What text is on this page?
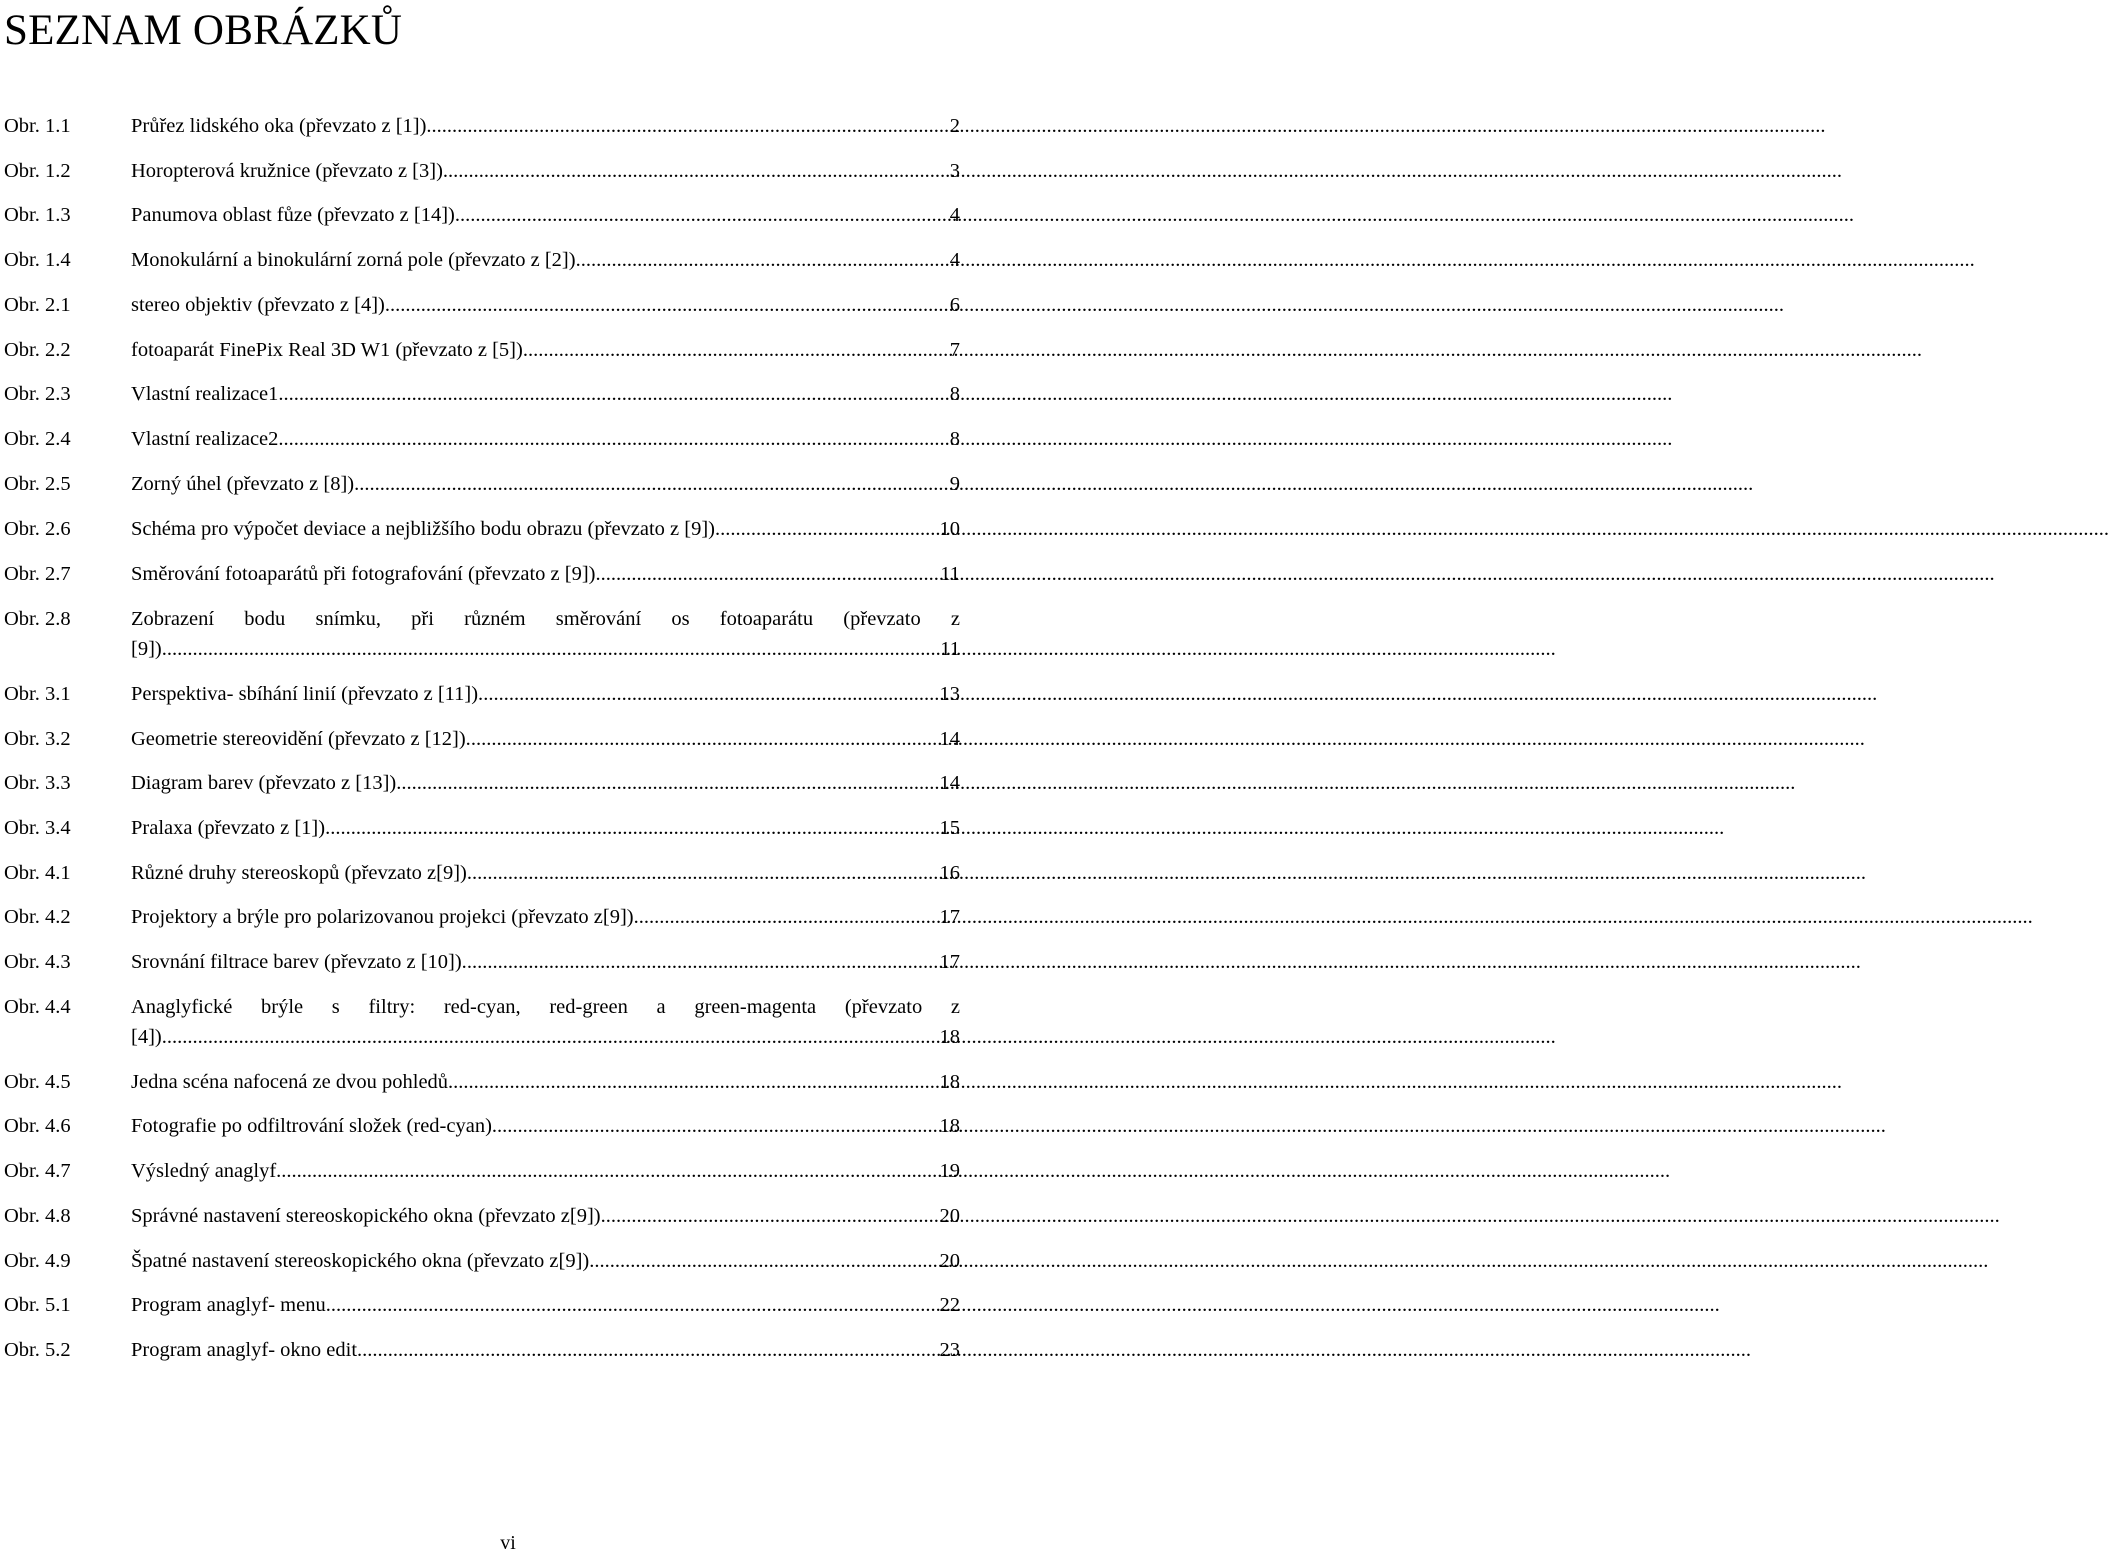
SEZNAM OBRÁZKŮ
Obr. 1.1	Průřez lidského oka (převzato z [1]). .....	2
Obr. 1.2	Horopterová kružnice (převzato z [3]). .....	3
Obr. 1.3	Panumova oblast fůze (převzato z [14]). .....	4
Obr. 1.4	Monokulární a binokulární zorná pole (převzato z [2]). .....	4
Obr. 2.1	stereo objektiv (převzato z [4]). .....	6
Obr. 2.2	fotoaparát FinePix Real 3D W1 (převzato z [5]). .....	7
Obr. 2.3	Vlastní realizace1 .....	8
Obr. 2.4	Vlastní realizace2 .....	8
Obr. 2.5	Zorný úhel (převzato z [8]). .....	9
Obr. 2.6	Schéma pro výpočet deviace a nejbližšího bodu obrazu (převzato z [9]) .....	10
Obr. 2.7	Směrování fotoaparátů při fotografování (převzato z [9]). .....	11
Obr. 2.8	Zobrazení bodu snímku, při různém směrování os fotoaparátu (převzato z
[9]) .....	11
Obr. 3.1	Perspektiva- sbíhání linií (převzato z [11]). .....	13
Obr. 3.2	Geometrie stereovidění (převzato z [12]). .....	14
Obr. 3.3	Diagram barev (převzato z [13]). .....	14
Obr. 3.4	Pralaxa (převzato z [1]). .....	15
Obr. 4.1	Různé druhy stereoskopů (převzato z[9]). .....	16
Obr. 4.2	Projektory a brýle pro polarizovanou projekci (převzato z[9]). .....	17
Obr. 4.3	Srovnání filtrace barev (převzato z [10]). .....	17
Obr. 4.4	Anaglyfické brýle s filtry: red-cyan, red-green a green-magenta (převzato z
[4]) .....	18
Obr. 4.5	Jedna scéna nafocená ze dvou pohledů .....	18
Obr. 4.6	Fotografie po odfiltrování složek (red-cyan) .....	18
Obr. 4.7	Výsledný anaglyf .....	19
Obr. 4.8	Správné nastavení stereoskopického okna (převzato z[9]). .....	20
Obr. 4.9	Špatné nastavení stereoskopického okna (převzato z[9]). .....	20
Obr. 5.1	Program anaglyf- menu .....	22
Obr. 5.2	Program anaglyf- okno edit .....	23
vi
